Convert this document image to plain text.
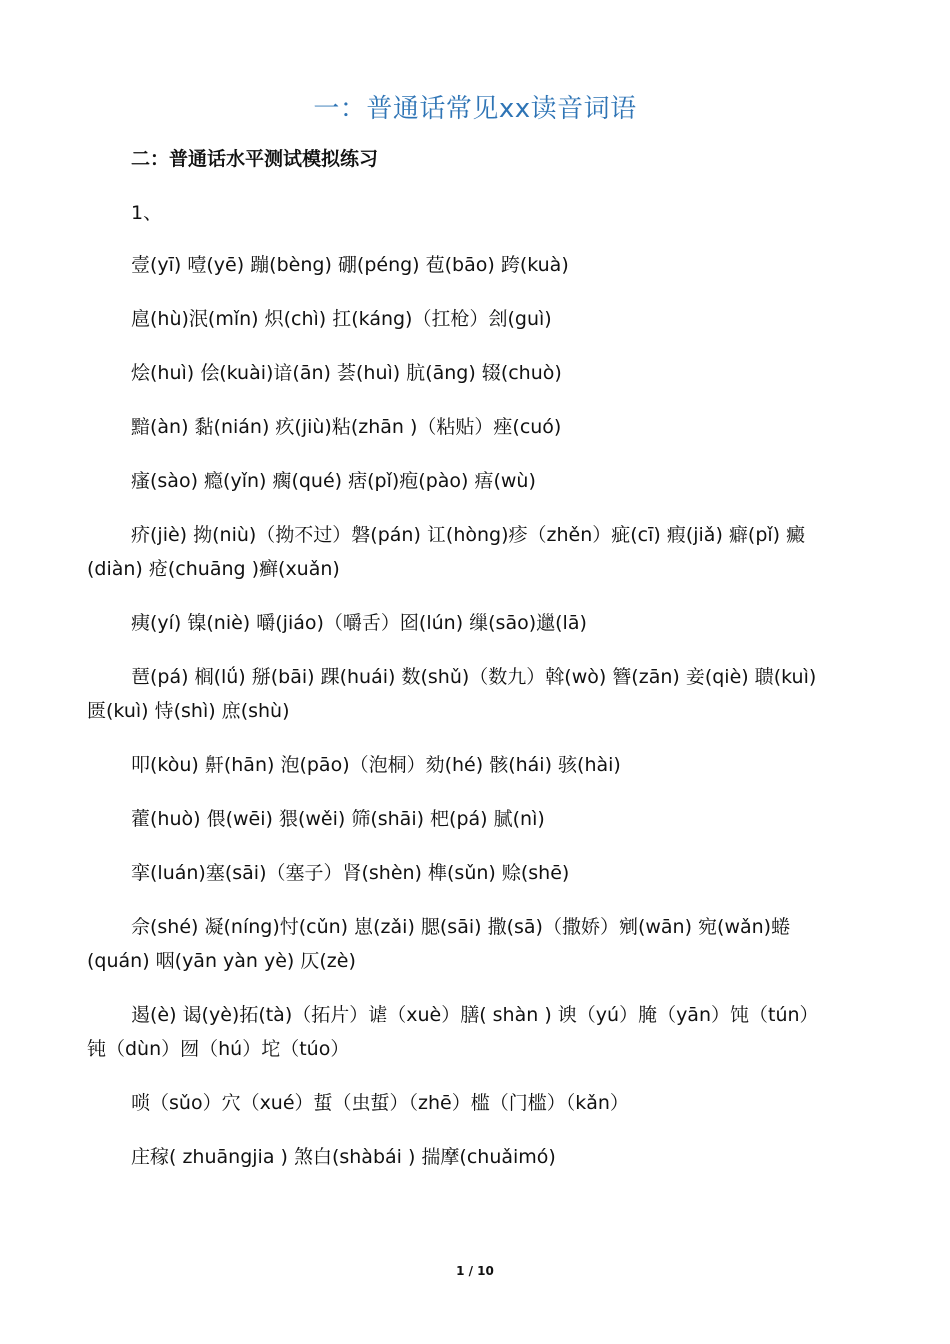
一：普通话常见xx读音词语
二：普通话水平测试模拟练习
1、
壹(yī) 噎(yē) 蹦(bèng) 硼(péng) 苞(bāo) 跨(kuà)
扈(hù)泯(mǐn) 炽(chì) 扛(káng)（扛枪）刽(guì)
烩(huì) 侩(kuài)谙(ān) 荟(huì) 肮(āng) 辍(chuò)
黯(àn) 黏(nián) 疚(jiù)粘(zhān )（粘贴）痤(cuó)
瘙(sào) 瘾(yǐn) 瘸(qué) 痞(pǐ)疱(pào) 痦(wù)
疥(jiè) 拗(niù)（拗不过）磐(pán) 讧(hòng)疹（zhěn）疵(cī) 瘕(jiǎ) 癖(pǐ) 癜(diàn) 疮(chuāng )癣(xuǎn)
痍(yí) 镍(niè) 嚼(jiáo)（嚼舌）囵(lún) 缫(sāo)邋(lā)
琶(pá) 榈(lǘ) 掰(bāi) 踝(huái) 数(shǔ)（数九）斡(wò) 簪(zān) 妾(qiè) 聩(kuì) 匮(kuì) 恃(shì) 庶(shù)
叩(kòu) 鼾(hān) 泡(pāo)（泡桐）劾(hé) 骸(hái) 骇(hài)
藿(huò) 偎(wēi) 猥(wěi) 筛(shāi) 杷(pá) 腻(nì)
挛(luán)塞(sāi)（塞子）肾(shèn) 榫(sǔn) 赊(shē)
佘(shé) 凝(níng)忖(cǔn) 崽(zǎi) 腮(sāi) 撒(sā)（撒娇）剜(wān) 宛(wǎn)蜷(quán) 咽(yān yàn yè) 仄(zè)
遏(è) 谒(yè)拓(tà)（拓片）谑（xuè）膳( shàn ) 谀（yú）腌（yān）饨（tún）钝（dùn）囫（hú）坨（túo）
唢（sǔo）穴（xué）蜇（虫蜇）（zhē）槛（门槛）（kǎn）
庄稼( zhuāngjia ) 煞白(shàbái ) 揣摩(chuǎimó)
1 / 10
